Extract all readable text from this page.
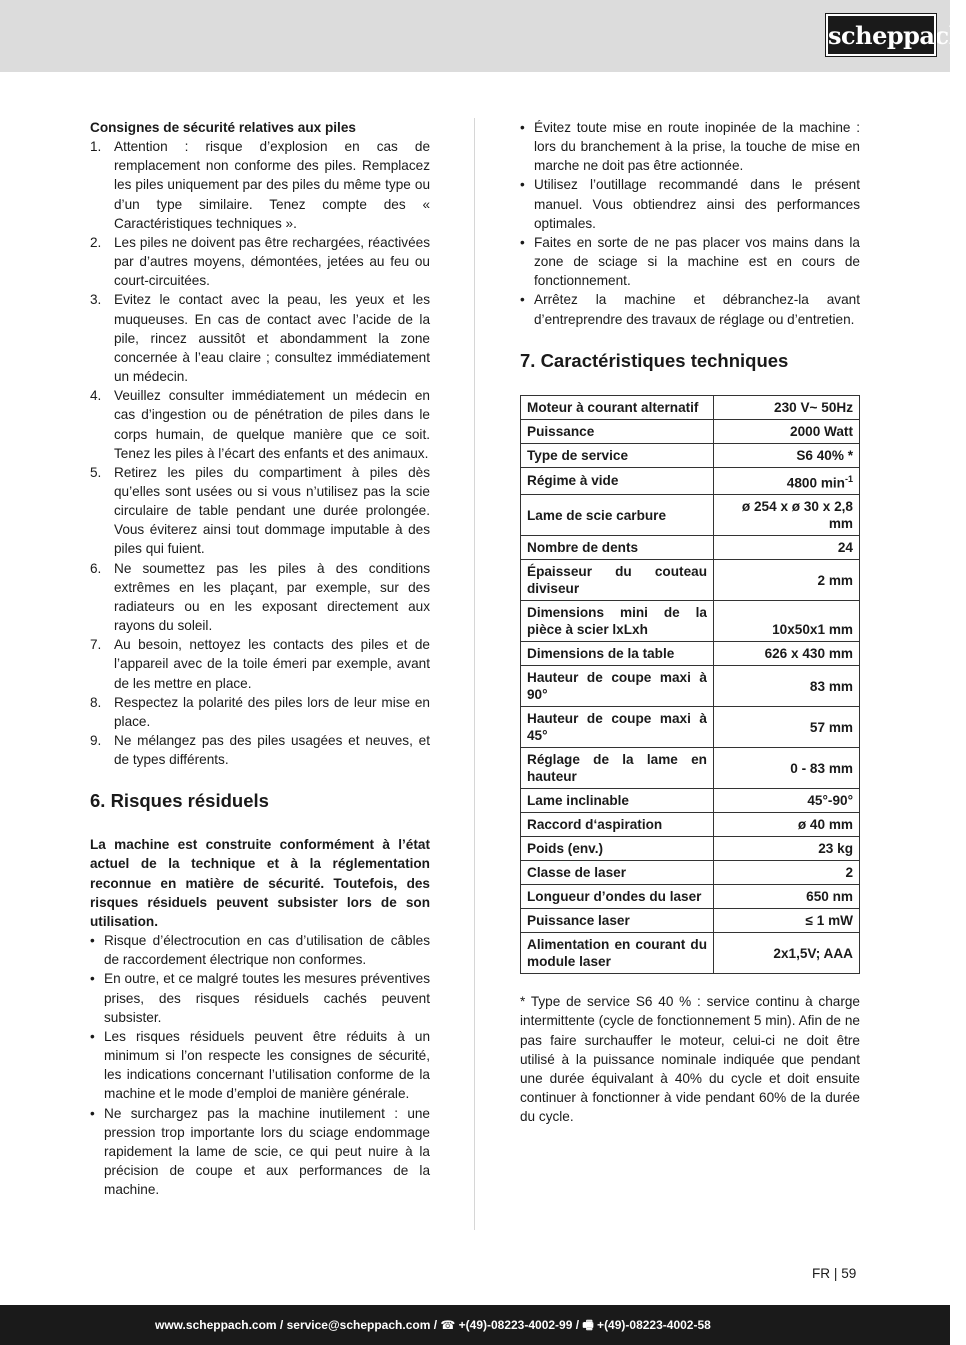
scheppach

Consignes de sécurité relatives aux piles

1. Attention : risque d’explosion en cas de remplacement non conforme des piles. Remplacez les piles uniquement par des piles du même type ou d’un type similaire. Tenez compte des « Caractéristiques techniques ».
2. Les piles ne doivent pas être rechargées, réactivées par d’autres moyens, démontées, jetées au feu ou court-circuitées.
3. Evitez le contact avec la peau, les yeux et les muqueuses. En cas de contact avec l’acide de la pile, rincez aussitôt et abondamment la zone concernée à l’eau claire ; consultez immédiatement un médecin.
4. Veuillez consulter immédiatement un médecin en cas d’ingestion ou de pénétration de piles dans le corps humain, de quelque manière que ce soit. Tenez les piles à l’écart des enfants et des animaux.
5. Retirez les piles du compartiment à piles dès qu’elles sont usées ou si vous n’utilisez pas la scie circulaire de table pendant une durée prolongée. Vous éviterez ainsi tout dommage imputable à des piles qui fuient.
6. Ne soumettez pas les piles à des conditions extrêmes en les plaçant, par exemple, sur des radiateurs ou en les exposant directement aux rayons du soleil.
7. Au besoin, nettoyez les contacts des piles et de l’appareil avec de la toile émeri par exemple, avant de les mettre en place.
8. Respectez la polarité des piles lors de leur mise en place.
9. Ne mélangez pas des piles usagées et neuves, et de types différents.
6. Risques résiduels

La machine est construite conformément à l’état actuel de la technique et à la réglementation reconnue en matière de sécurité. Toutefois, des risques résiduels peuvent subsister lors de son utilisation.

• Risque d’électrocution en cas d’utilisation de câbles de raccordement électrique non conformes.
• En outre, et ce malgré toutes les mesures préventives prises, des risques résiduels cachés peuvent subsister.
• Les risques résiduels peuvent être réduits à un minimum si l’on respecte les consignes de sécurité, les indications concernant l’utilisation conforme de la machine et le mode d’emploi de manière générale.
• Ne surchargez pas la machine inutilement : une pression trop importante lors du sciage endommage rapidement la lame de scie, ce qui peut nuire à la précision de coupe et aux performances de la machine.
• Évitez toute mise en route inopinée de la machine : lors du branchement à la prise, la touche de mise en marche ne doit pas être actionnée.
• Utilisez l’outillage recommandé dans le présent manuel. Vous obtiendrez ainsi des performances optimales.
• Faites en sorte de ne pas placer vos mains dans la zone de sciage si la machine est en cours de fonctionnement.
• Arrêtez la machine et débranchez-la avant d’entreprendre des travaux de réglage ou d’entretien.
7. Caractéristiques techniques
Moteur à courant alternatif	230 V~ 50Hz
Puissance	2000 Watt
Type de service	S6 40% *
Régime à vide	4800 $\min^{-1}$
Lame de scie carbure	ø 254 x ø 30 x 2,8 mm
Nombre de dents	24
Épaisseur du couteau diviseur	2 mm
Dimensions mini de la pièce à scier lxLxh	10x50x1 mm
Dimensions de la table	626 x 430 mm
Hauteur de coupe maxi à 90°	83 mm
Hauteur de coupe maxi à 45°	57 mm
Réglage de la lame en hauteur	0 - 83 mm
Lame inclinable	45°-90°
Raccord d‘aspiration	ø 40 mm
Poids (env.)	23 kg
Classe de laser	2
Longueur d’ondes du laser	650 nm
Puissance laser	≤ 1 mW
Alimentation en courant du module laser	2x1,5V; AAA

* Type de service S6 40 % : service continu à charge intermittente (cycle de fonctionnement 5 min). Afin de ne pas faire surchauffer le moteur, celui-ci ne doit être utilisé à la puissance nominale indiquée que pendant une durée équivalant à 40% du cycle et doit ensuite continuer à fonctionner à vide pendant 60% de la durée du cycle.

FR | 59
www.scheppach.com / service@scheppach.com / ☎ +(49)-08223-4002-99 / 🖷 +(49)-08223-4002-58
